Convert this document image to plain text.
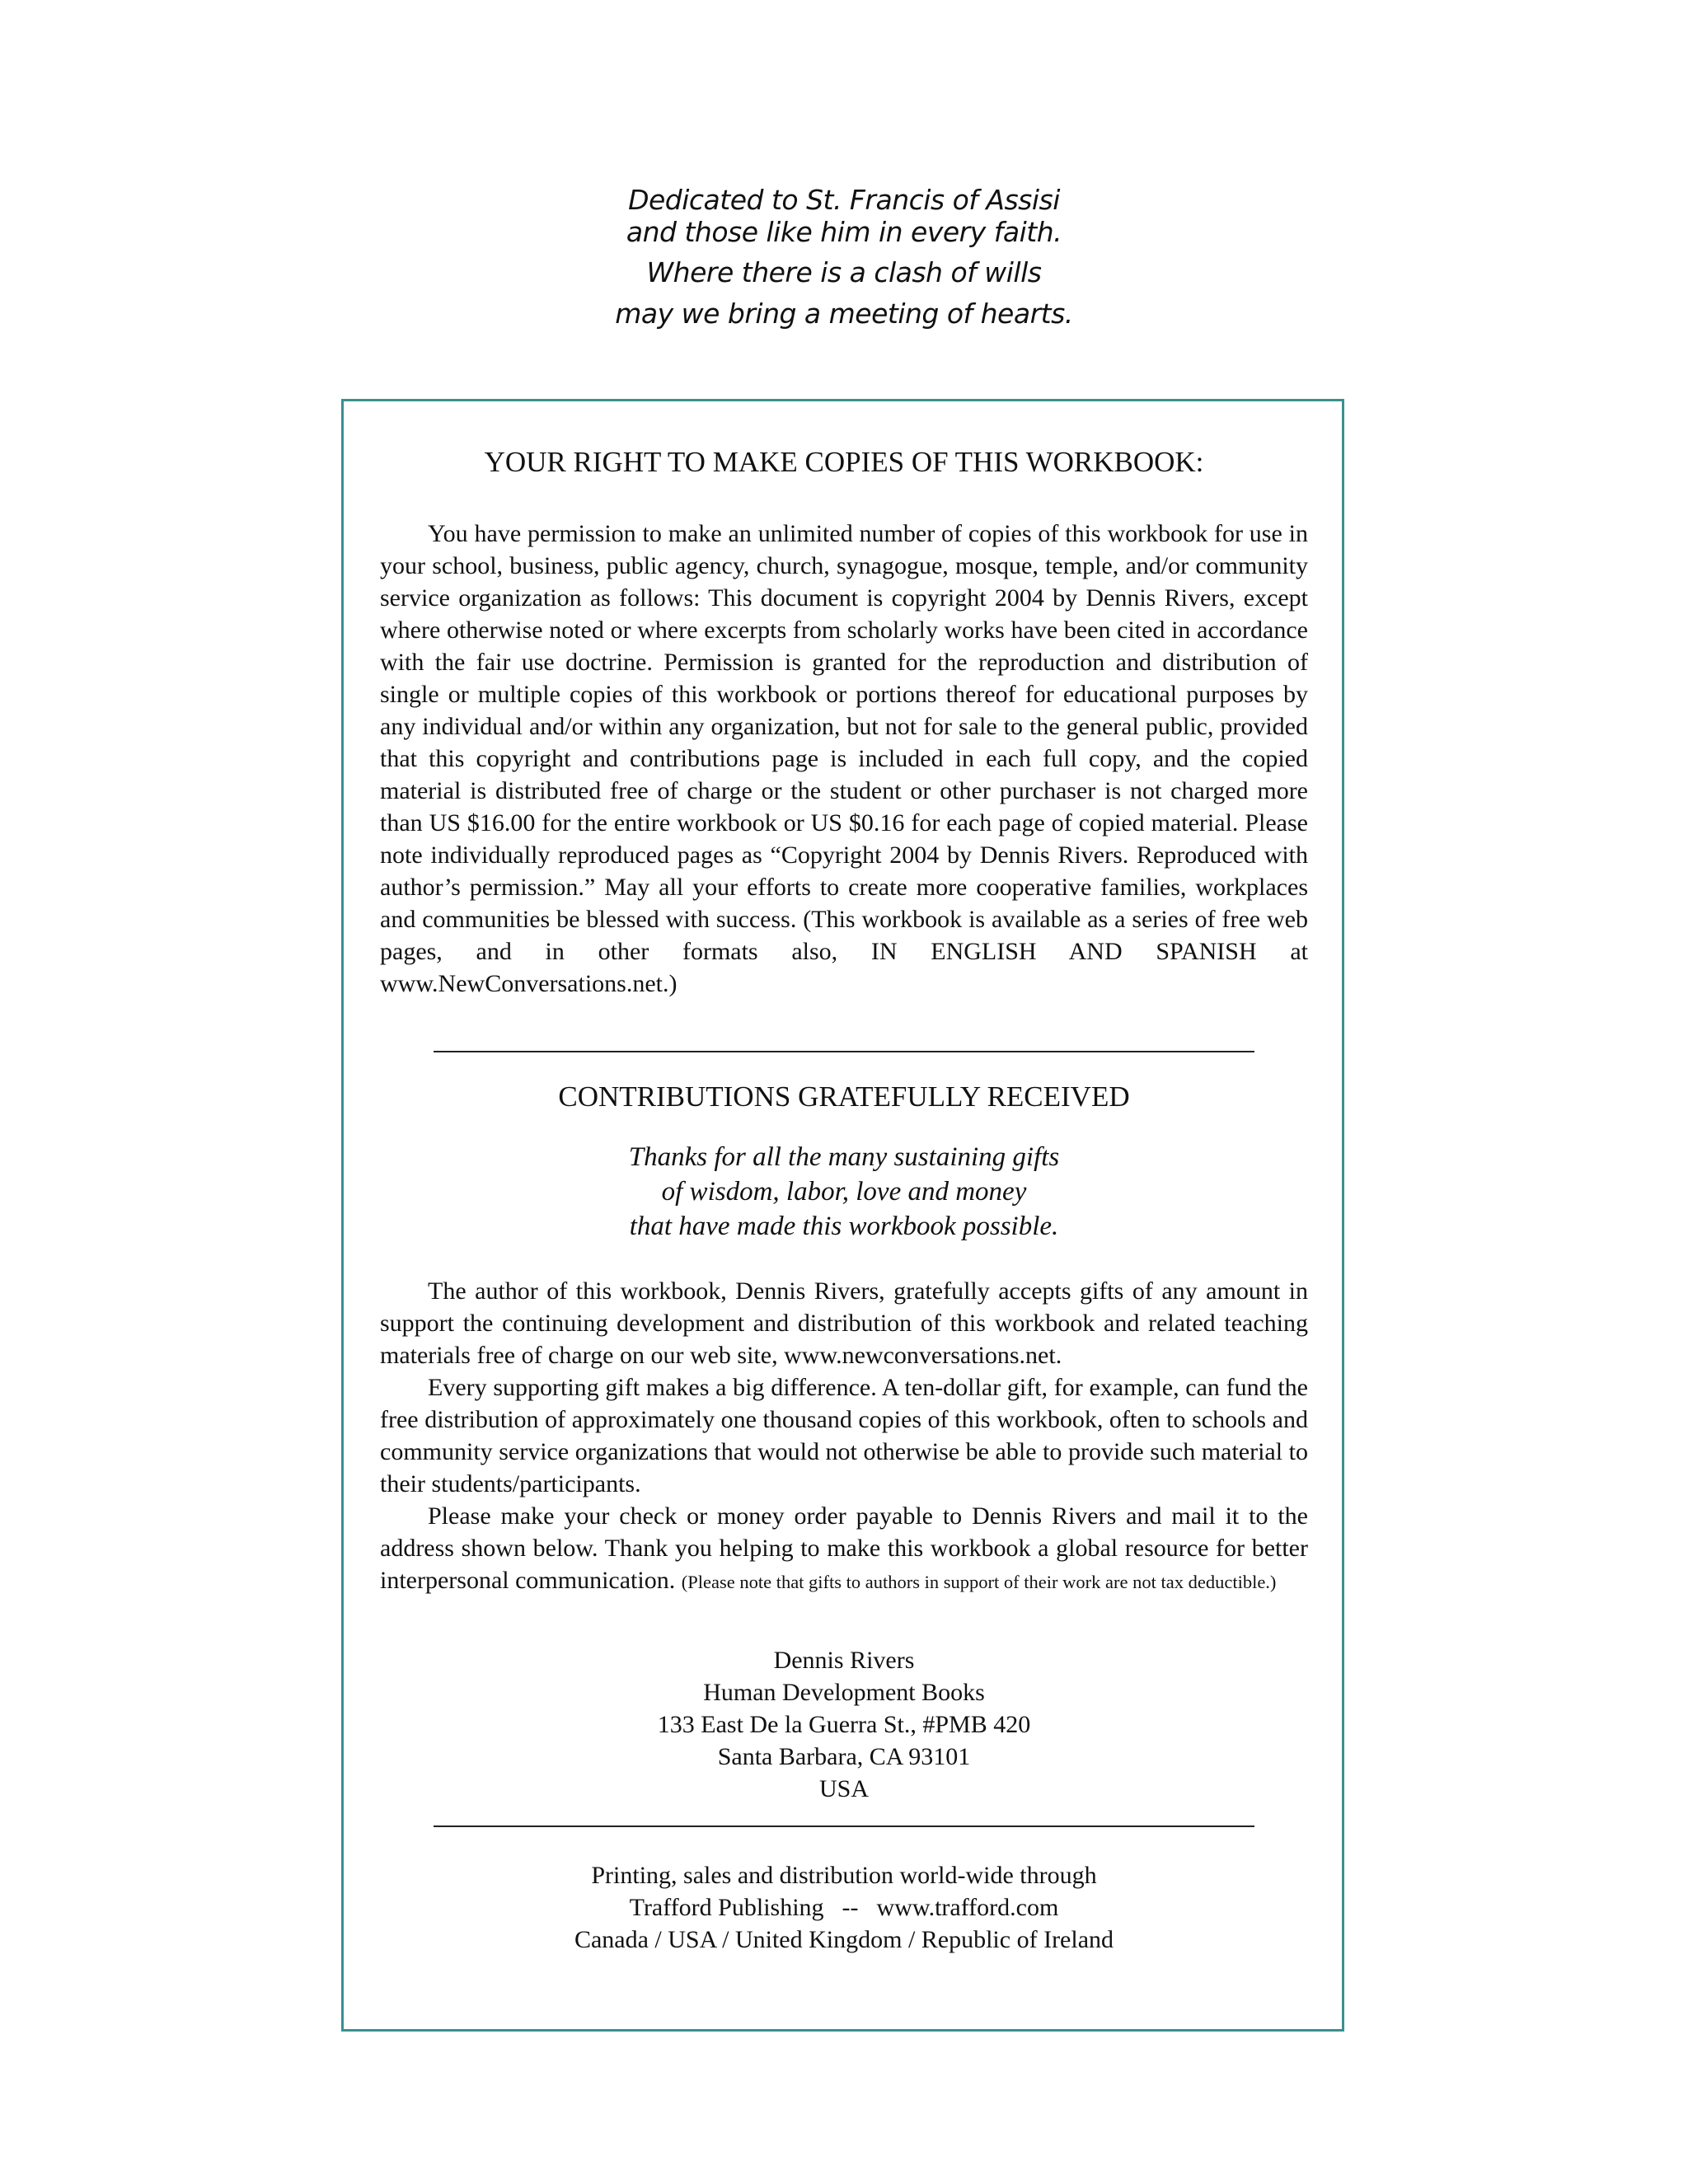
Dedicated to St. Francis of Assisi
and those like him in every faith.
Where there is a clash of wills
may we bring a meeting of hearts.
YOUR RIGHT TO MAKE COPIES OF THIS WORKBOOK:

You have permission to make an unlimited number of copies of this workbook for use in your school, business, public agency, church, synagogue, mosque, temple, and/or community service organization as follows: This document is copyright 2004 by Dennis Rivers, except where otherwise noted or where excerpts from scholarly works have been cited in accordance with the fair use doctrine. Permission is granted for the reproduction and distribution of single or multiple copies of this workbook or portions thereof for educational purposes by any individual and/or within any organization, but not for sale to the general public, provided that this copyright and contributions page is included in each full copy, and the copied material is distributed free of charge or the student or other purchaser is not charged more than US $16.00 for the entire workbook or US $0.16 for each page of copied material. Please note individually reproduced pages as “Copyright 2004 by Dennis Rivers. Reproduced with author’s permission.” May all your efforts to create more cooperative families, workplaces and communities be blessed with success. (This workbook is available as a series of free web pages, and in other formats also, IN ENGLISH AND SPANISH at www.NewConversations.net.)

CONTRIBUTIONS GRATEFULLY RECEIVED
Thanks for all the many sustaining gifts
of wisdom, labor, love and money
that have made this workbook possible.

The author of this workbook, Dennis Rivers, gratefully accepts gifts of any amount in support the continuing development and distribution of this workbook and related teaching materials free of charge on our web site, www.newconversations.net.

Every supporting gift makes a big difference. A ten-dollar gift, for example, can fund the free distribution of approximately one thousand copies of this workbook, often to schools and community service organizations that would not otherwise be able to provide such material to their students/participants.

Please make your check or money order payable to Dennis Rivers and mail it to the address shown below. Thank you helping to make this workbook a global resource for better interpersonal communication. (Please note that gifts to authors in support of their work are not tax deductible.)

Dennis Rivers
Human Development Books
133 East De la Guerra St., #PMB 420
Santa Barbara, CA 93101
USA
Printing, sales and distribution world-wide through
Trafford Publishing -- www.trafford.com
Canada / USA / United Kingdom / Republic of Ireland
